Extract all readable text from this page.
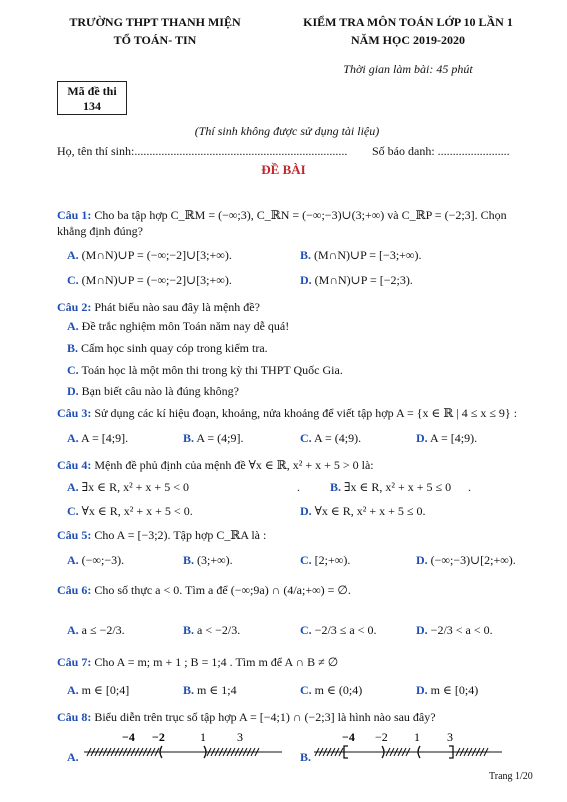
TRƯỜNG THPT THANH MIỆN
TỔ TOÁN- TIN
KIỂM TRA MÔN TOÁN LỚP 10 LẦN 1
NĂM HỌC 2019-2020
Thời gian làm bài: 45 phút
Mã đề thi
134
(Thí sinh không được sử dụng tài liệu)
Họ, tên thí sinh:....................................................................... Số báo danh: ........................
ĐỀ BÀI
Câu 1: Cho ba tập hợp C_ℝM = (−∞;3), C_ℝN = (−∞;−3)∪(3;+∞) và C_ℝP = (−2;3]. Chọn
khẳng định đúng?
A. (M∩N)∪P = (−∞;−2]∪[3;+∞).	B. (M∩N)∪P = [−3;+∞).
C. (M∩N)∪P = (−∞;−2]∪[3;+∞).	D. (M∩N)∪P = [−2;3).
Câu 2: Phát biểu nào sau đây là mệnh đề?
A. Đề trắc nghiệm môn Toán năm nay dễ quá!
B. Cấm học sinh quay cóp trong kiểm tra.
C. Toán học là một môn thi trong kỳ thi THPT Quốc Gia.
D. Bạn biết câu nào là đúng không?
Câu 3: Sử dụng các kí hiệu đoạn, khoảng, nửa khoảng để viết tập hợp A = {x ∈ ℝ | 4 ≤ x ≤ 9} :
A. A = [4;9].	B. A = (4;9].	C. A = (4;9).	D. A = [4;9).
Câu 4: Mệnh đề phủ định của mệnh đề ∀x ∈ ℝ, x² + x + 5 > 0 là:
A. ∃x ∈ R, x² + x + 5 < 0	.	B. ∃x ∈ R, x² + x + 5 ≤ 0 .
C. ∀x ∈ R, x² + x + 5 < 0.	D. ∀x ∈ R, x² + x + 5 ≤ 0.
Câu 5: Cho A = [−3;2). Tập hợp C_ℝA là :
A. (−∞;−3).	B. (3;+∞).	C. [2;+∞).	D. (−∞;−3)∪[2;+∞).
Câu 6: Cho số thực a < 0. Tìm a để (−∞;9a) ∩ (4/a;+∞) = ∅.
A. a ≤ −2/3.	B. a < −2/3.	C. −2/3 ≤ a < 0.	D. −2/3 < a < 0.
Câu 7: Cho A = m; m + 1 ; B = 1;4 . Tìm m để A ∩ B ≠ ∅
A. m ∈ [0;4]	B. m ∈ 1;4	C. m ∈ (0;4)	D. m ∈ [0;4)
Câu 8: Biểu diễn trên trục số tập hợp A = [−4;1) ∩ (−2;3] là hình nào sau đây?
A.
−4 −2	1	3
B.
−4 −2 1 3
Trang 1/20
